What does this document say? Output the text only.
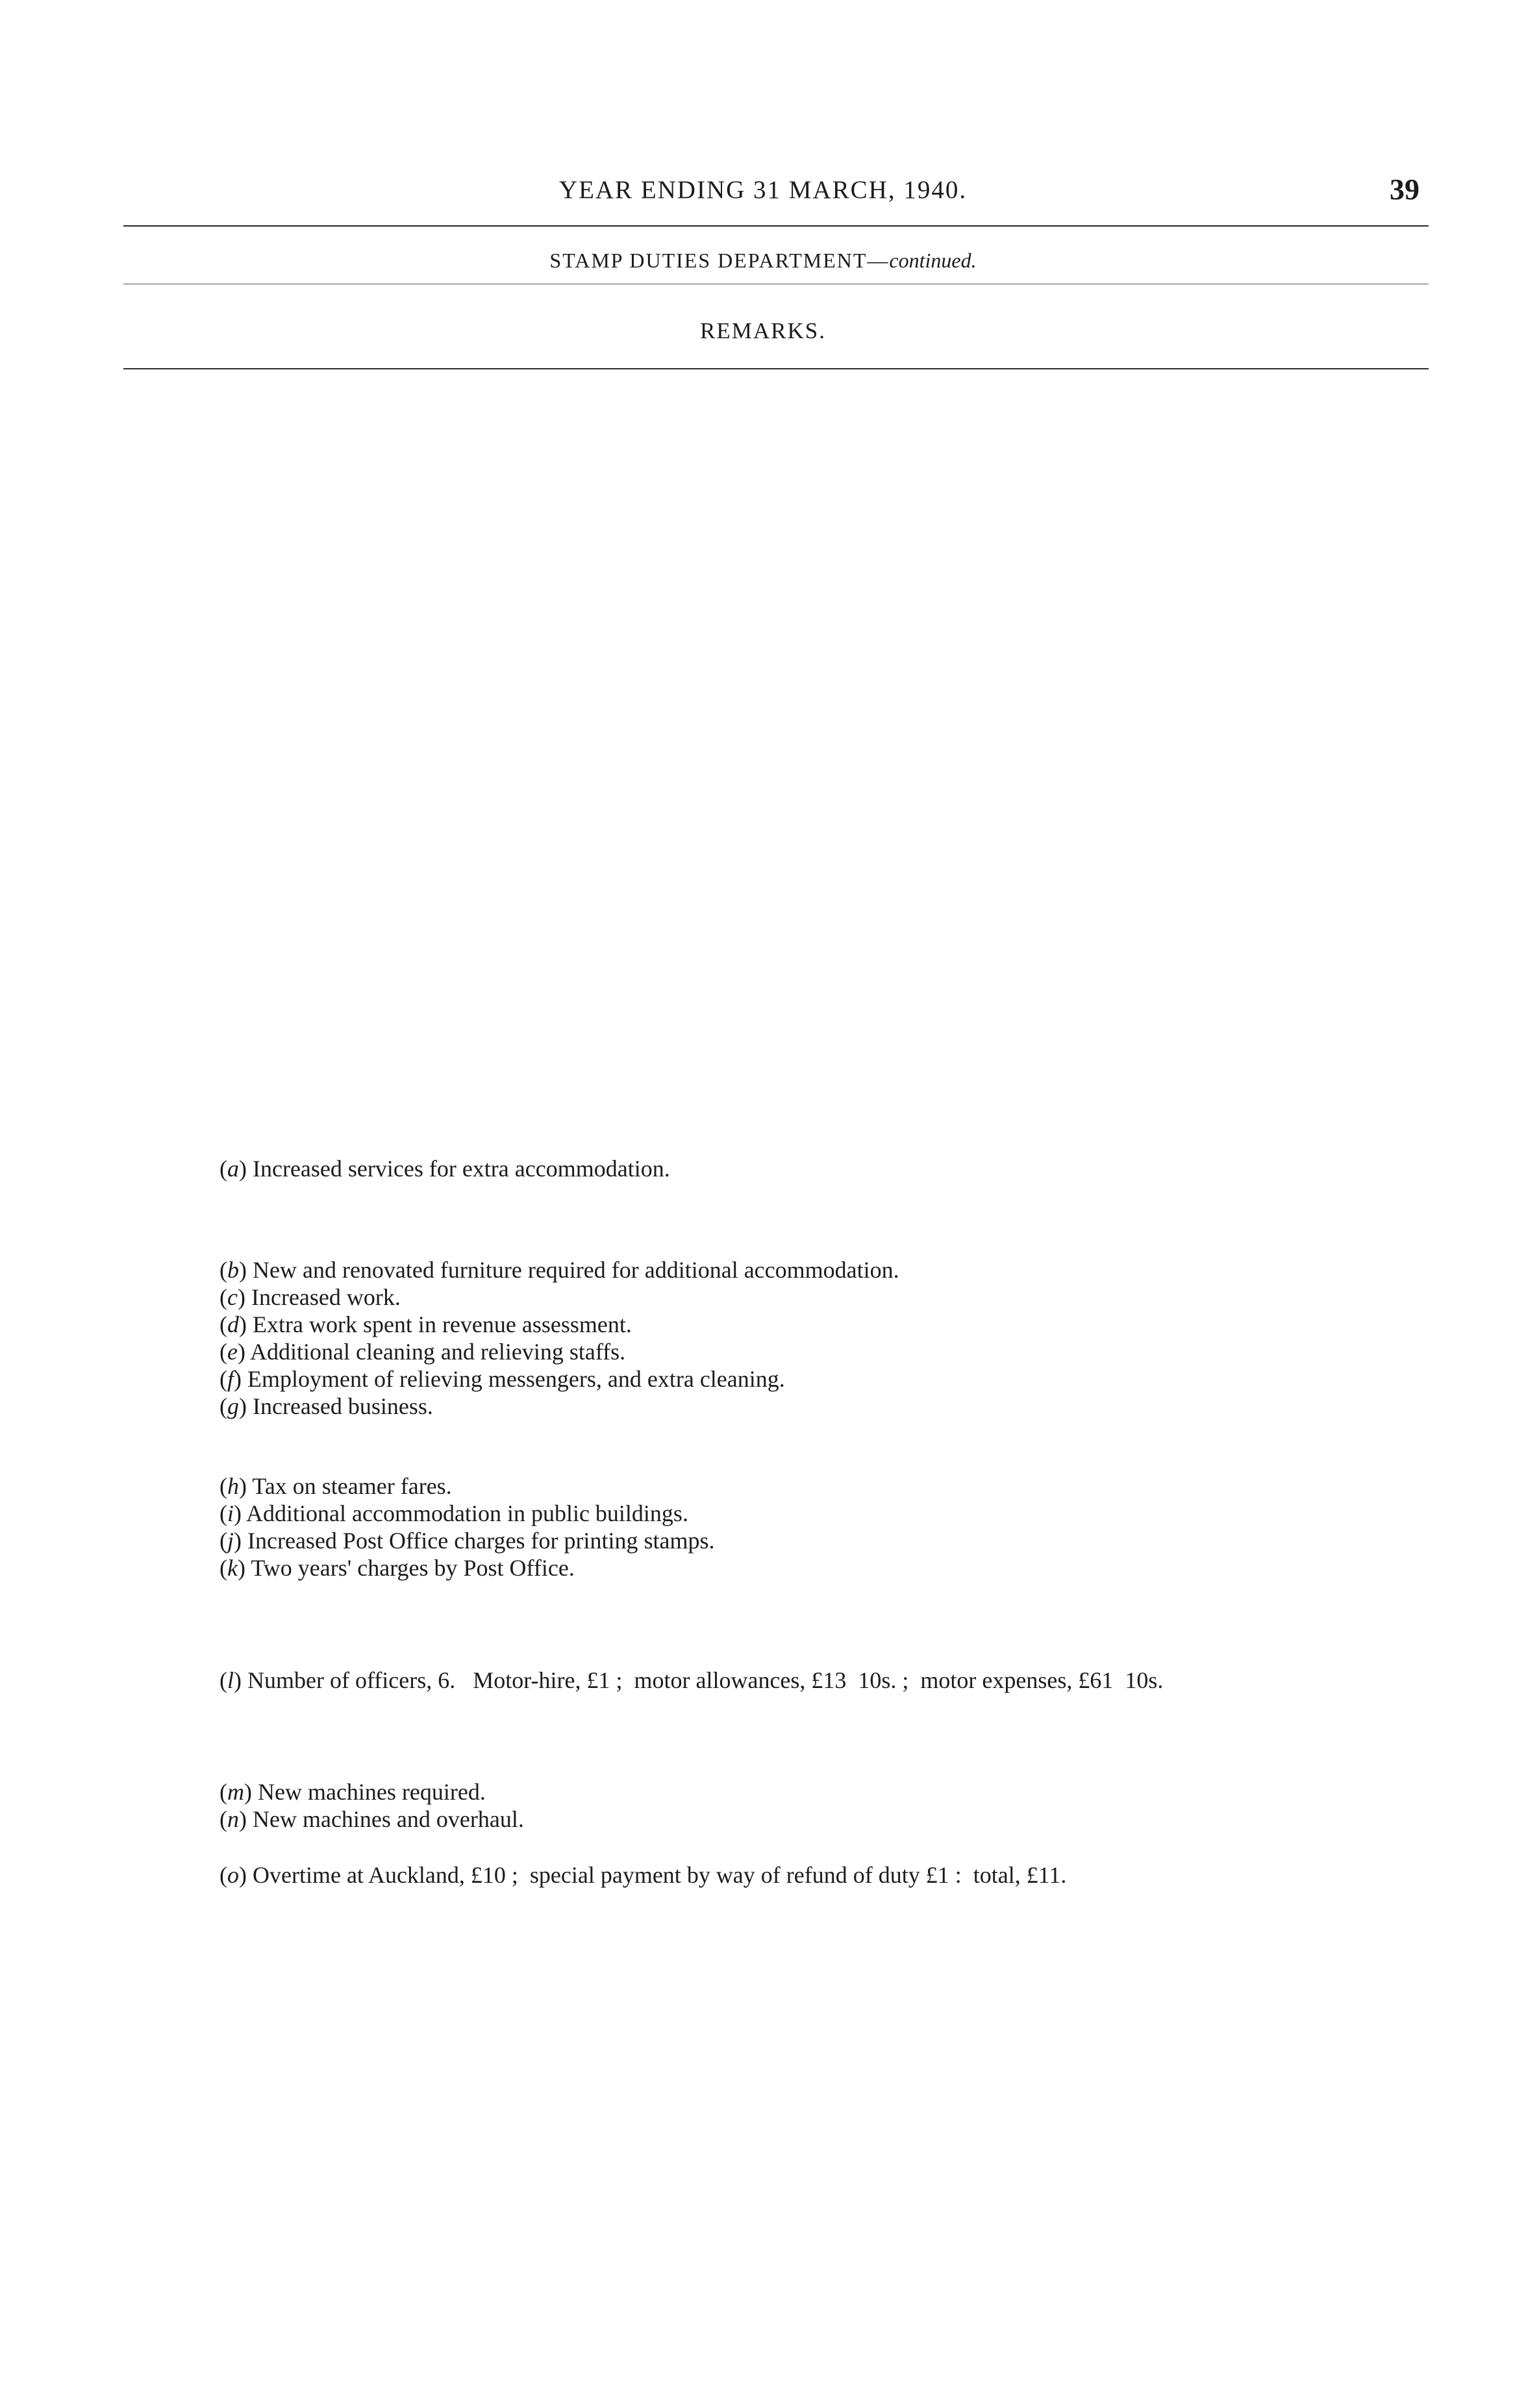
YEAR ENDING 31 MARCH, 1940.	39
STAMP DUTIES DEPARTMENT—continued.
REMARKS.
(a) Increased services for extra accommodation.
(b) New and renovated furniture required for additional accommodation.
(c) Increased work.
(d) Extra work spent in revenue assessment.
(e) Additional cleaning and relieving staffs.
(f) Employment of relieving messengers, and extra cleaning.
(g) Increased business.
(h) Tax on steamer fares.
(i) Additional accommodation in public buildings.
(j) Increased Post Office charges for printing stamps.
(k) Two years' charges by Post Office.
(l) Number of officers, 6.   Motor-hire, £1 ;  motor allowances, £13  10s. ;  motor expenses, £61  10s.
(m) New machines required.
(n) New machines and overhaul.
(o) Overtime at Auckland, £10 ;  special payment by way of refund of duty £1 :  total, £11.
